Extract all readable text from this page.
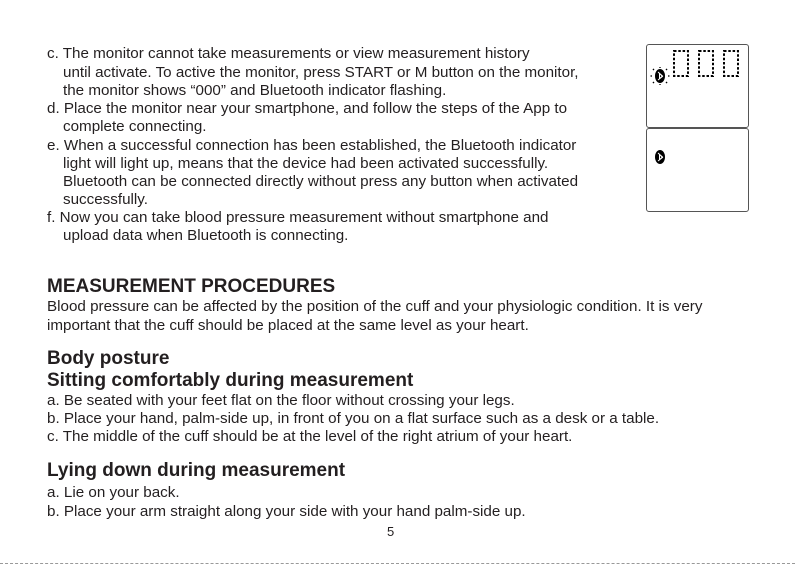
c. The monitor cannot take measurements or view measurement history
until activate. To active the monitor, press START or M button on the monitor,
the monitor shows “000” and Bluetooth indicator flashing.
d. Place the monitor near your smartphone, and follow the steps of the App to
complete connecting.
e. When a successful connection has been established, the Bluetooth indicator
light will light up, means that the device had been activated successfully.
Bluetooth can be connected directly without press any button when activated
successfully.
f. Now you can take blood pressure measurement without smartphone and
upload data when Bluetooth is connecting.
MEASUREMENT PROCEDURES
Blood pressure can be affected by the position of the cuff and your physiologic condition. It is very
important that the cuff should be placed at the same level as your heart.
Body posture
Sitting comfortably during measurement
a. Be seated with your feet flat on the floor without crossing your legs.
b. Place your hand, palm-side up, in front of you on a flat surface such as a desk or a table.
c. The middle of the cuff should be at the level of the right atrium of your heart.
Lying down during measurement
a. Lie on your back.
b. Place your arm straight along your side with your hand palm-side up.
5
